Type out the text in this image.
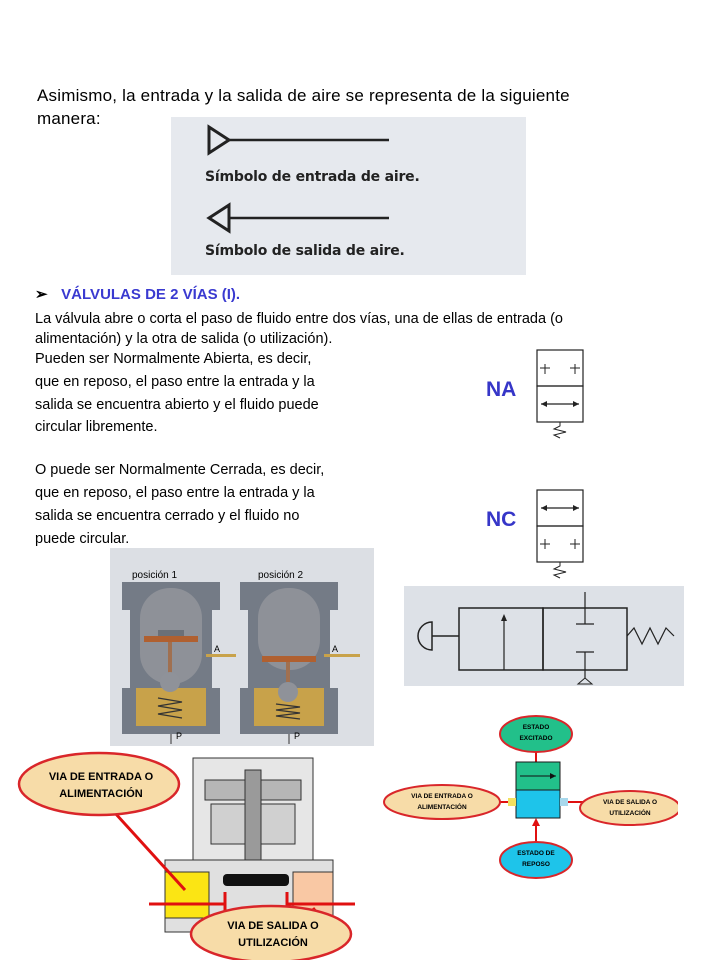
Asimismo, la entrada y la salida de aire se representa de la siguiente
manera:
Símbolo de entrada de aire.
Símbolo de salida de aire.
➢ VÁLVULAS DE 2 VÍAS (I).
La válvula abre o corta el paso de fluido entre dos vías, una de ellas de entrada (o
alimentación) y la otra de salida (o utilización).
Pueden ser Normalmente Abierta, es decir,
que en reposo, el paso entre la entrada y la
salida se encuentra abierto y el fluido puede
circular libremente.
O puede ser Normalmente Cerrada, es decir,
que en reposo, el paso entre la entrada y la
salida se encuentra cerrado y el fluido no
puede circular.
NA
NC
posición 1	posición 2
A	A
P	P
VIA DE ENTRADA O
ALIMENTACIÓN
VIA DE SALIDA O
UTILIZACIÓN
ESTADO
EXCITADO
ESTADO DE
REPOSO
VIA DE ENTRADA O
ALIMENTACIÓN
VIA DE SALIDA O
UTILIZACIÓN
